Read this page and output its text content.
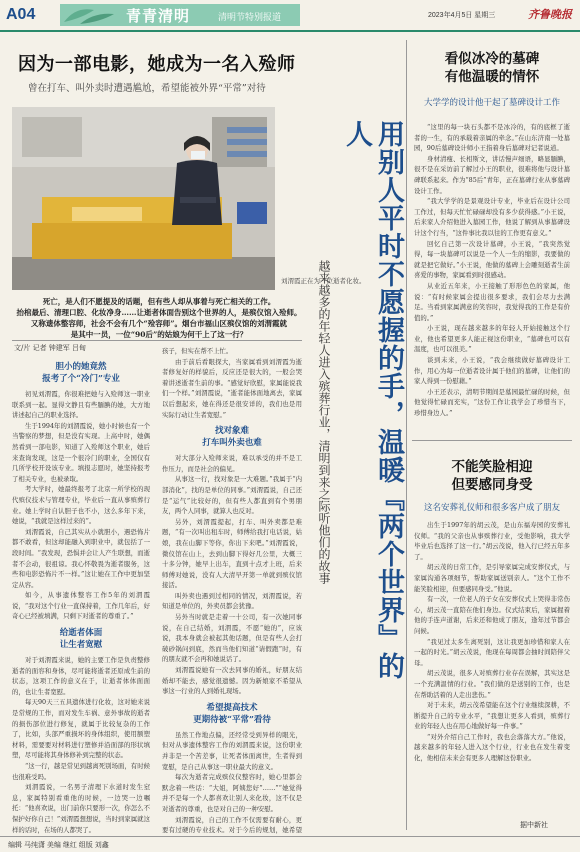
A04	青青清明	清明节特别报道	2023年4月5日 星期三	齐鲁晚报
因为一部电影，她成为一名入殓师
曾在打车、叫外卖时遭遇尴尬，希望能被外界“平常”对待
刘渭霞正在为一位逝者化妆。
死亡，是人们不愿提及的话题，但有些人却从事着与死亡相关的工作。
抬棺最后、清理口腔、化妆净身……让逝者体面告别这个世界的人，是殡仪馆入殓师。
又称遗体整容师，社会不会有几个“殓容师”。烟台市福山区殡仪馆的刘渭霞就
是其中一员，一位“90后”的姑娘为何干上了这一行？
文/片 记者 钟建军 吕甸
胆小的她竟然
报考了个“冷门”专业

初见刘渭霞，你很难把她与入殓师这一职业联系到一起。显得文静且有些腼腆的她，大方地讲述起自己的职业选择。

生于1994年的刘渭霞说，她小时候也有一个当警察的梦想，但是没有实现。上高中时，她偶然看到一部电影，知道了入殓师这个职业，她后来查询发现，这是一个很冷门的职业，全国仅有几所学校开设该专业。填报志愿时，她坚持报考了相关专业，也被录取。

考大学时，她最终报考了北京一所学校的现代殡仪技术与管理专业，毕业后一直从事殡葬行业。她上学时自认胆子也不小，这么多年下来，她说，“我就是这样过来的”。

刘渭霞说，自己其实从小就胆小，遇恐怖片都不敢看，但这却能融入到职业中，就包括了一段时间。“我发现，恐惧并会让人产生联想，而逝者不会动，很祖谅。我心怀敬畏为逝者服务，这些和电影恐怖片不一样。”这让她在工作中更加坚定从容。

如今，从事遗体整容工作5年的刘渭霞说，“我对这个行业一直保持着，工作几年后，好奇心已经被填满，只剩下对逝者的尊重了。”

给逝者体面
让生者宽慰

对于刘渭霞来说，她的主要工作是负责整修逝者的面容和身体，尽可能将逝者还原成生前的状态，这项工作的意义在于，让逝者体体面面的，也让生者宽慰。

每天90天三五具遗体进行化妆，这对她来说是常规的工作，而对发生车祸、意外事故的逝者的损伤部位进行修复，就属于比较复杂的工作了，比如，头部严重损坏的身体组织，使用额塑材料，需要要对材料进行塑修并沿面部的形状填塑，尽可能将其身体修补到完整的状态。

“这一行，越是常见到越离死别场面，有时候也很难受吗。

刘渭霞说，一名男子清理下水道时发生窒息，家属特别看重他的时候，一边哭一边嘱托：“他喜欢说，出门前你只要形一次，你怎么不保护好你自己！”刘渭霞想想说，当时到家属就这样的话时，在场的人都哭了。

孩子，但实在帮不上忙。

由于前后看眼探大，当家属看到刘渭霞为逝者修复好的样貌后，反应还是很大的，一般会哭着讲述逝者生前的事。“感觉好欣慰，家属能说我们一个样。”刘渭霞说，“逝者能体面地离去，家属以后想起来，她在得还是很安详的，我们也是用实际行动让生者宽慰。”

找对象难
打车叫外卖也难

对大部分入殓师来说，难以承受的并不是工作压力，而是社会的偏见。

从事这一行，找对象是一大难题。”我属于“内部消化”，找的是单位的同事。”刘渭霞说，自己还是“运气”比较好的，但有些人都直到有个男朋友，两个人同事，就算人也反对。

另外，刘渭霞提起，打车、叫外卖都是难题，“有一次叫出租车时，师傅给我打电话说，姑娘，我在山脚下等你，你出下来吧。”刘渭霞说，微仪馆在山上，去到山脚下得好几公里，大概三十多分钟，她早上出车，直到十点才上班，后来师傅对她说，没有人大清早开第一单就到殡仪馆接活。

叫外卖也遇到过相同的情况，刘渭霞说，若知道是单位的，外卖员都会犹豫。

另外当时就是走着一十公司，有一次她同事说，在自己结婚，刘渭霞，不愿“她的”，应该说，我本身就会被起其他话题，但是有些人会打破砂锅问到底，然而当他们知道“请假跑”时，有的朋友就不会再和她说话了。

刘渭霞说她有一次去同事的婚礼，好朋友结婚却不能去，感觉很遗憾。因为新娘家不希望从事这一行业的人到婚礼现场。

希望提高技术
更期待被“平常”看待

虽然工作地点偏，还经常受到异样的眼光，但对从事遗体整容工作的刘渭霞来说，这份职业并非是一个苦差事，让死者体面离世，生者得到宽慰，是自己从事这一职业最大的意义。

每次为逝者完成殡仪仪整容时，她心里都会默念着一些话：“大姐，阿姨您好”……”“她觉得并不是每一个人都喜欢让别人来化妆，这不仅是对逝者的尊重，也是对自己的一种安慰。

刘渭霞说，自己的工作不仅需要有耐心，更要有过硬的专业技术。对于今后的规划，她希望

用别人平时不愿握的手，温暖『两个世界』的人
越来越多的年轻人进入殡葬行业，清明到来之际听他们的故事
看似冰冷的墓碑
有他温暖的情怀
大学学的设计他干起了墓碑设计工作

“这里的每一块石头都不是冰冷的，有的底框了逝者的一生，有的承载着亲属的牵念。”在山东济南一处墓园，90后墓碑设计师小王指着身后墓碑对记者说道。

身材清瘦、长相斯文，讲话慢声细语，略显腼腆，很不是在采访前了解过小王的职业，很难将他与设计墓碑联系起来。作为“85后”青年，正在墓碑行业从事墓碑设计工作。

“我大学学的是景观设计专业，毕业后在设计公司工作过，但每天忙忙碌碌却没有多少获得感。”小王说，后来家人介绍他进入墓园工作，他说了解到从事墓碑设计这个行当，“这件事比我以往的工作更有意义。”

回忆自己第一次设计墓碑，小王说，“我突然觉得，每一块墓碑可以说是一个人一生的缩影，我要做的就是把它做好。”小王说，他做的墓碑上会雕刻逝者生前喜爱的事物，家属看到时很感动。

从业近五年来，小王接触了形形色色的家属，他说：“有时候家属会提出很多要求，我们会尽力去满足。当看到家属满意的笑容时，我觉得我的工作是有价值的。”

小王说，现在越来越多的年轻人开始接触这个行业，他也希望更多人能正视这份职业，“墓碑也可以有温度，也可以很美。”

谈到未来，小王说，“我会继续做好墓碑设计工作，用心为每一位逝者设计属于他们的墓碑，让他们的家人得到一份慰藉。”

小王还表示，清明节期间是墓园最忙碌的时候，但他觉得忙碌而充实，“这份工作让我学会了珍惜当下，珍惜身边人。”

不能笑脸相迎
但要感同身受
这名安葬礼仪师和很多客户成了朋友

出生于1997年的胡云茂，是山东福寿园的安葬礼仪师。“我的父亲也从事殡葬行业，受他影响，我大学毕业后也选择了这一行。”胡云茂说，他入行已经五年多了。

胡云茂的日常工作，是引导家属完成安葬仪式，与家属沟通各项细节，帮助家属送别亲人。“这个工作不能笑脸相迎，但要感同身受。”他说。

有一次，一位老人的子女在安葬仪式上哭得非常伤心，胡云茂一直陪在他们身边。仪式结束后，家属握着他的手连声道谢，后来还和他成了朋友，逢年过节都会问候。

“我见过太多生离死别，这让我更加珍惜和家人在一起的时光。”胡云茂说，他现在每周都会抽时间陪伴父母。

胡云茂说，很多人对殡葬行业存在误解，其实这是一个充满温情的行业。“我们做的是送别的工作，也是在帮助活着的人走出悲伤。”

对于未来，胡云茂希望能在这个行业继续深耕，不断提升自己的专业水平，“我想让更多人看到，殡葬行业的年轻人也在用心地做好每一件事。”

“对外介绍自己工作时，我也会落落大方。”他说，越来越多的年轻人进入这个行业，行业也在发生着变化，他相信未来会有更多人理解这份职业。

据中新社
编辑 马纯潇 美编 继红 组版 刘鑫
